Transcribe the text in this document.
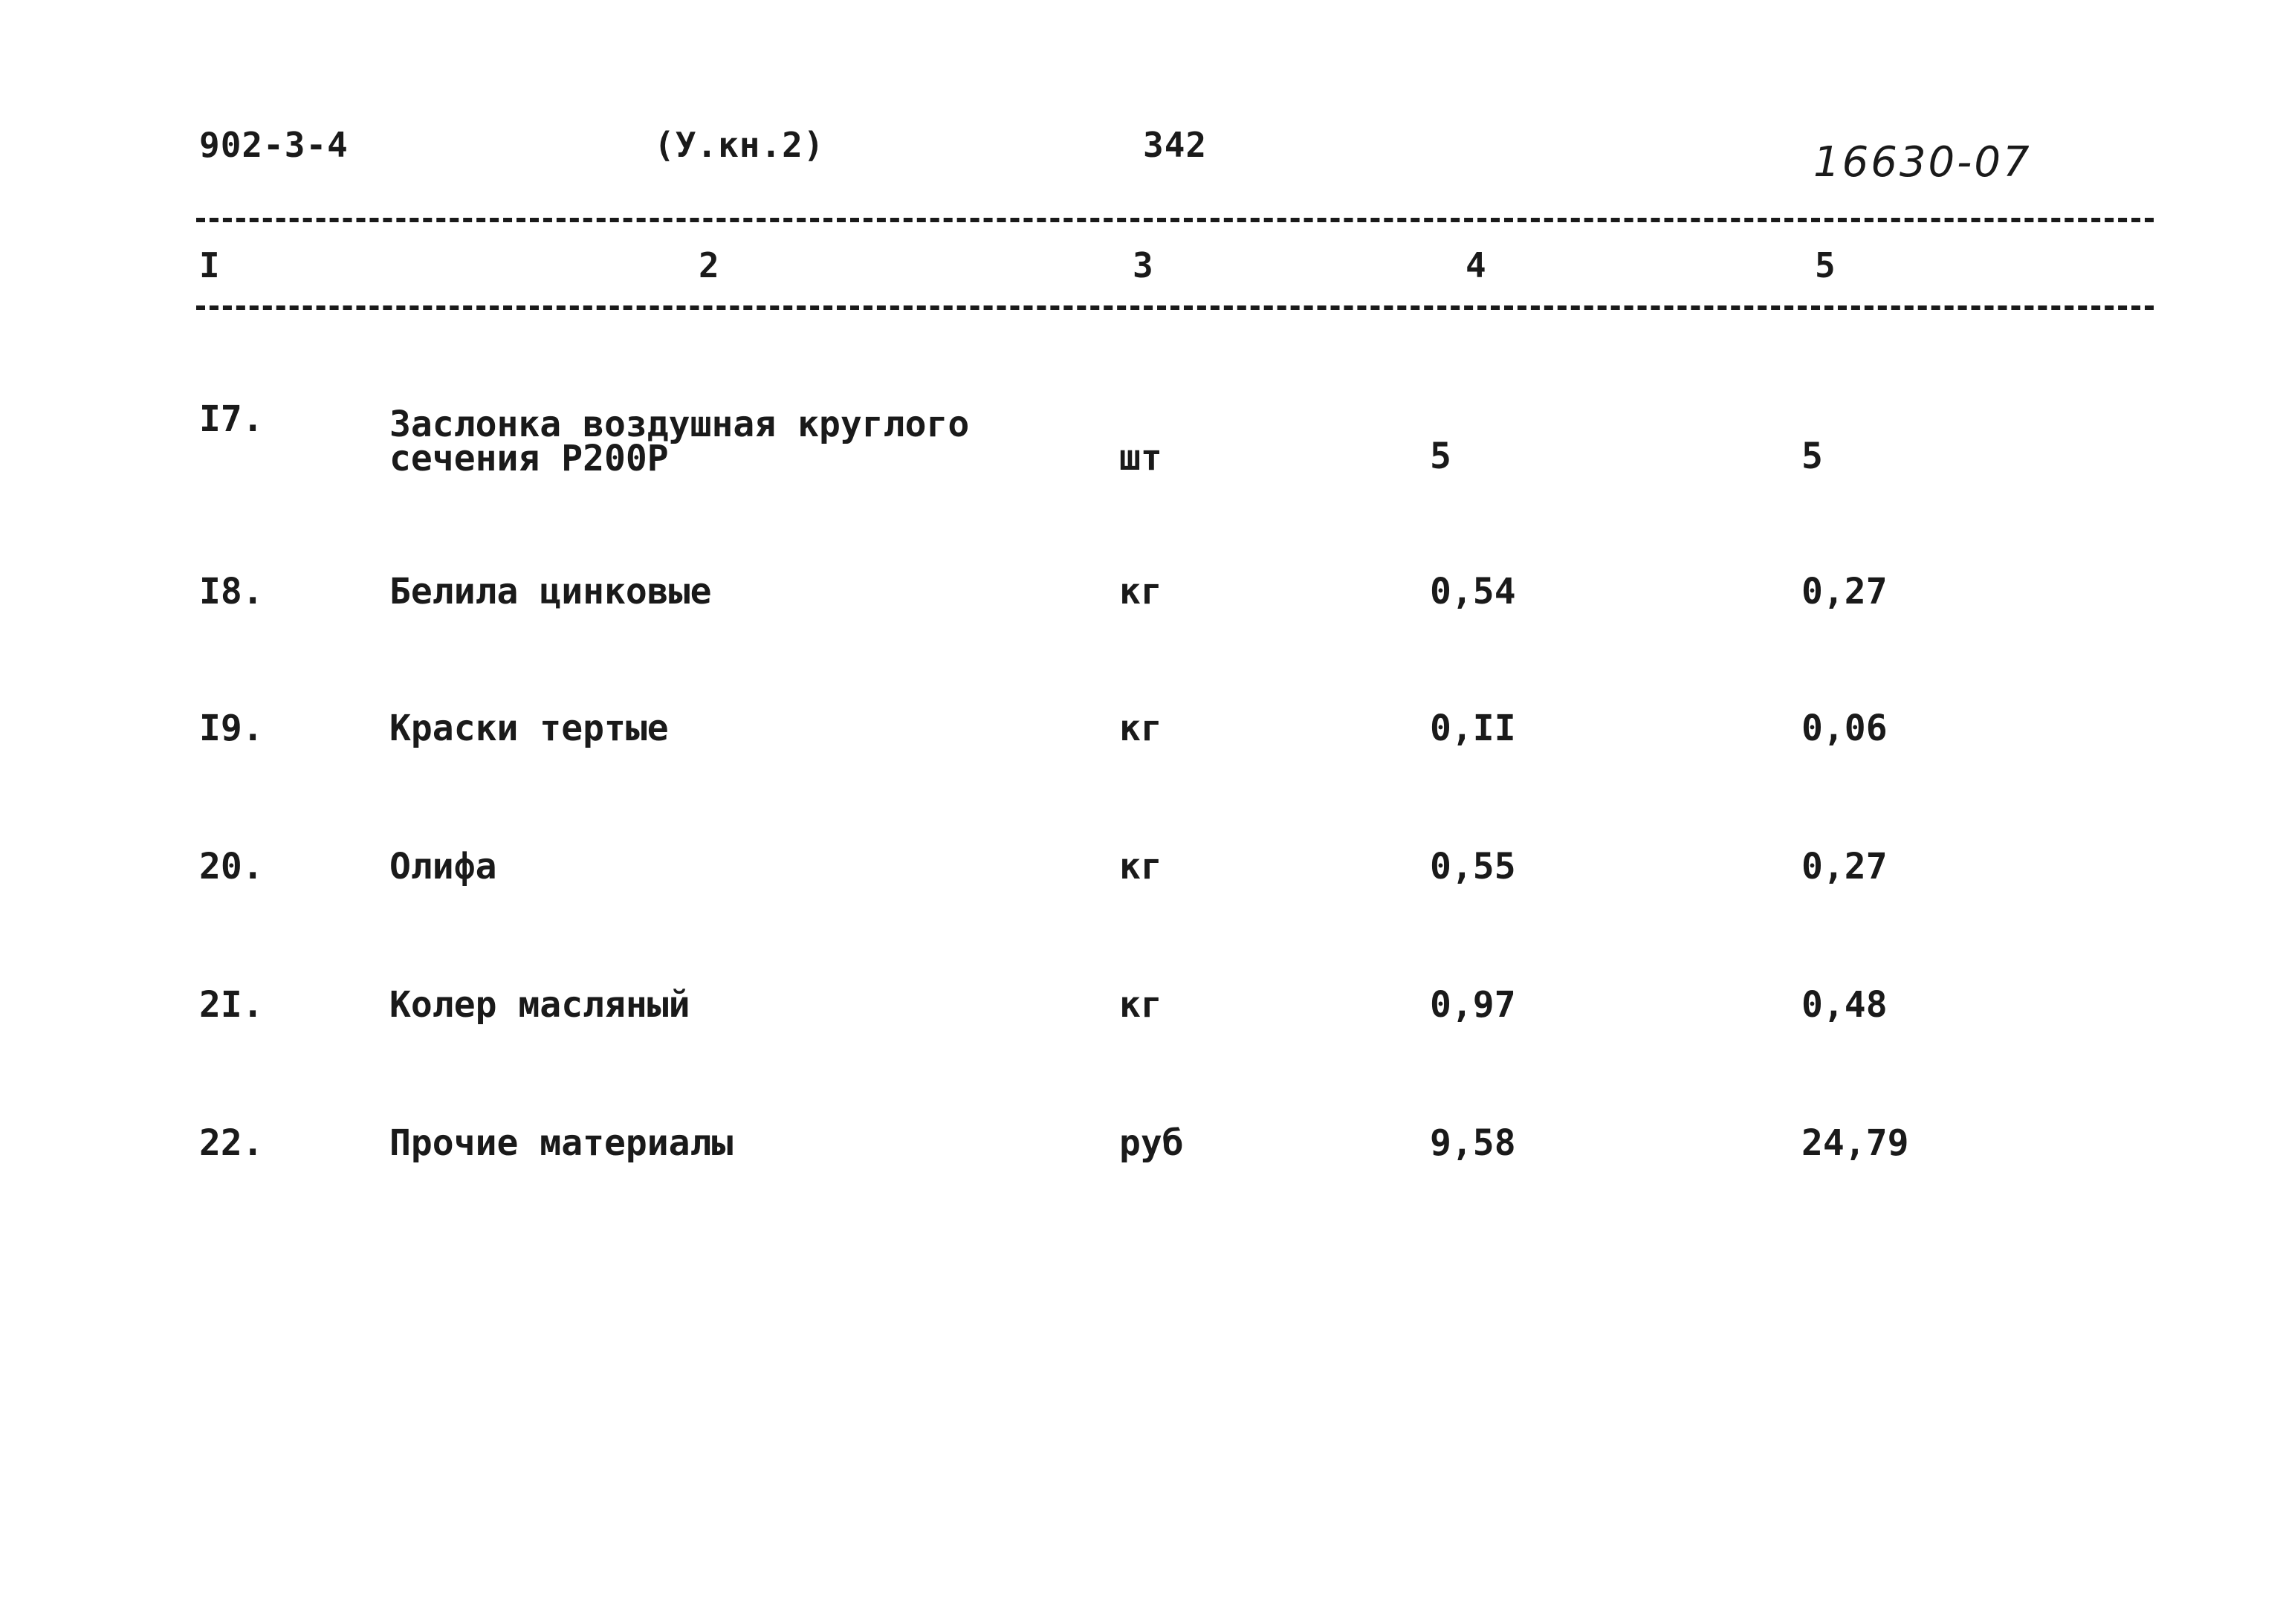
902-3-4	(У.кн.2)	342	16630-07
I	2	3	4	5
I7.	Заслонка воздушная круглого
сечения Р200Р	шт	5	5
I8.	Белила цинковые	кг	0,54	0,27
I9.	Краски тертые	кг	0,II	0,06
20.	Олифа	кг	0,55	0,27
2I.	Колер масляный	кг	0,97	0,48
22.	Прочие материалы	руб	9,58	24,79
